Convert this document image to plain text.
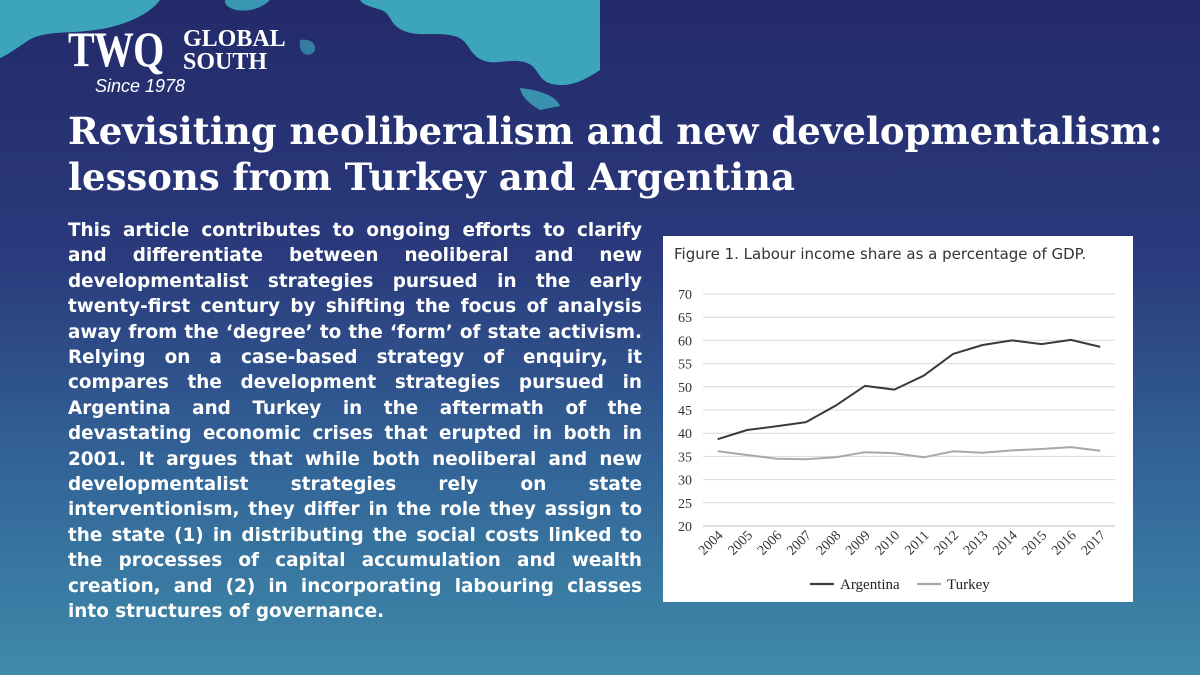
TWQ GLOBAL
SOUTH
Since 1978
Revisiting neoliberalism and new developmentalism: lessons from Turkey and Argentina

This article contributes to ongoing efforts to clarify and differentiate between neoliberal and new developmentalist strategies pursued in the early twenty-first century by shifting the focus of analysis away from the ‘degree’ to the ‘form’ of state activism. Relying on a case-based strategy of enquiry, it compares the development strategies pursued in Argentina and Turkey in the aftermath of the devastating economic crises that erupted in both in 2001. It argues that while both neoliberal and new developmentalist strategies rely on state interventionism, they differ in the role they assign to the state (1) in distributing the social costs linked to the processes of capital accumulation and wealth creation, and (2) in incorporating labouring classes into structures of governance.

Figure 1. Labour income share as a percentage of GDP.

20
25
30
35
40
45
50
55
60
65
70
2004 2005 2006 2007 2008 2009 2010 2011 2012 2013 2014 2015 2016 2017
Argentina	Turkey
